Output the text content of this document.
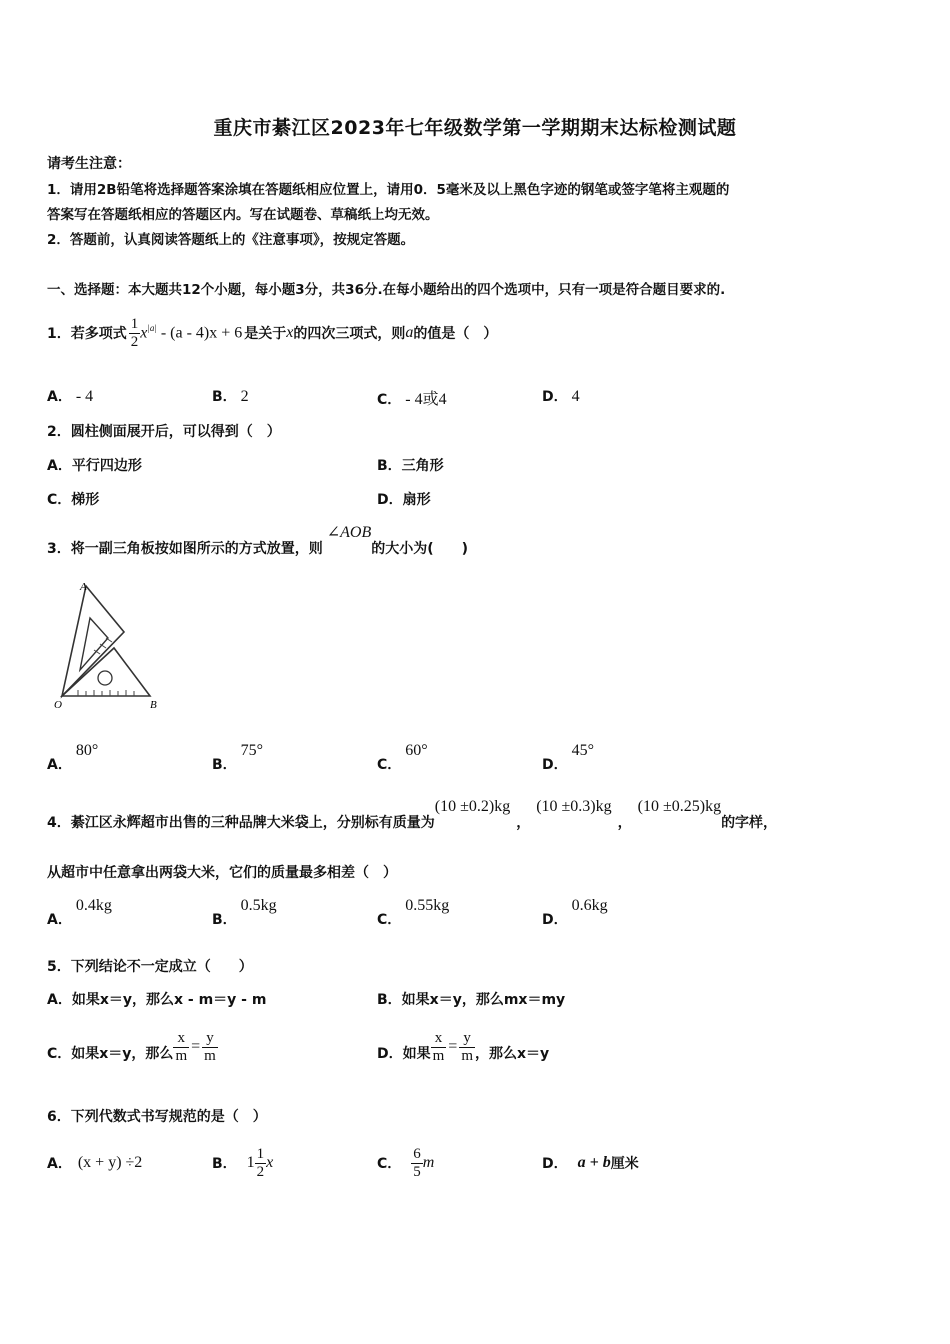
重庆市綦江区2023年七年级数学第一学期期末达标检测试题
请考生注意：
1．请用2B铅笔将选择题答案涂填在答题纸相应位置上，请用0．5毫米及以上黑色字迹的钢笔或签字笔将主观题的
答案写在答题纸相应的答题区内。写在试题卷、草稿纸上均无效。
2．答题前，认真阅读答题纸上的《注意事项》，按规定答题。
一、选择题：本大题共12个小题，每小题3分，共36分.在每小题给出的四个选项中，只有一项是符合题目要求的.
1．若多项式 $\frac{1}{2} x^{|a|} - (a - 4)x + 6$ 是关于 x 的四次三项式，则 a 的值是（　）
A． - 4	B． 2	C． - 4或4	D． 4
2．圆柱侧面展开后，可以得到（　）
A．平行四边形	B．三角形
C．梯形	D．扇形
3．将一副三角板按如图所示的方式放置，则
∠AOB
的大小为(　　)
A
O	B
A．80°
B．75°
C．60°
D．45°
4．綦江区永辉超市出售的三种品牌大米袋上，分别标有质量为
(10 ±0.2)kg
，
(10 ±0.3)kg
，
(10 ±0.25)kg
的字样，
从超市中任意拿出两袋大米，它们的质量最多相差（　）
A．0.4kg
B．0.5kg
C．0.55kg
D．0.6kg
5．下列结论不一定成立（　　）
A．如果x＝y，那么x - m＝y - m	B．如果x＝y，那么mx＝my
C．如果x＝y，那么 $\frac{x}{m} = \frac{y}{m}$	D．如果 $\frac{x}{m} = \frac{y}{m}$ ，那么x＝y
6．下列代数式书写规范的是（　）
A． (x + y) ÷2	B． $1 \frac{1}{2}$ x	C． $\frac{6}{5}$ m	D． a + b 厘米
